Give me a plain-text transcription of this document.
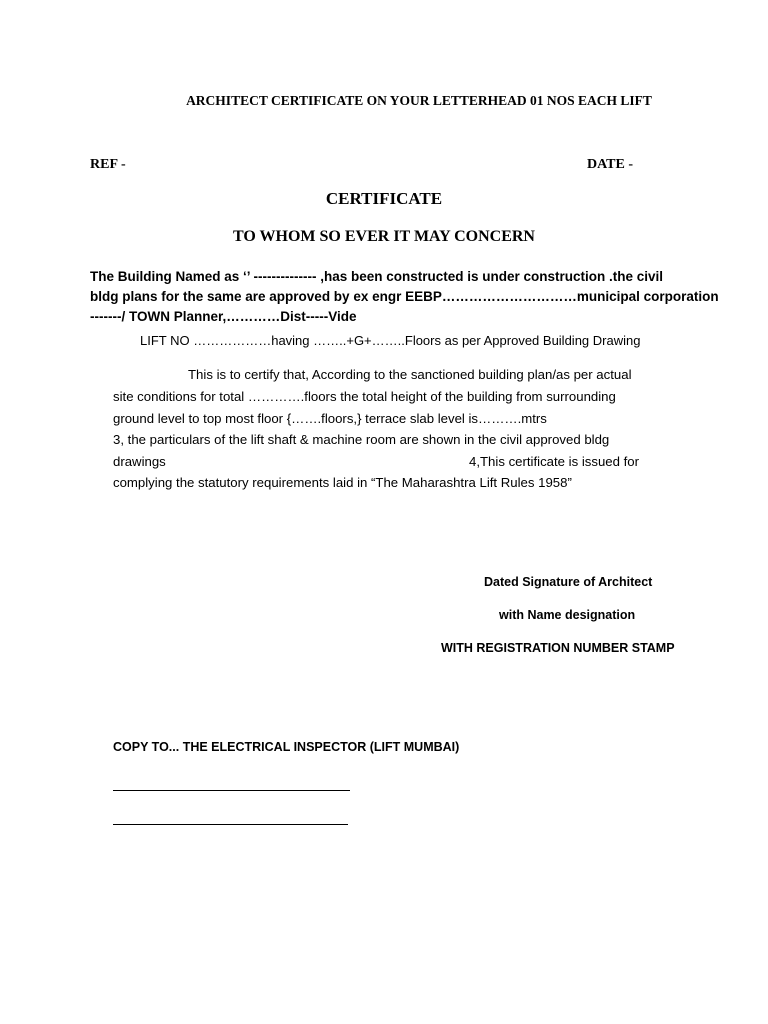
ARCHITECT CERTIFICATE ON YOUR LETTERHEAD 01 NOS EACH LIFT
REF -	DATE -
CERTIFICATE
TO WHOM SO EVER IT MAY CONCERN
The Building Named as ‘’ -------------- ,has been constructed is under construction .the civil
bldg plans for the same are approved by ex engr EEBP…………………………municipal corporation
-------/ TOWN Planner,…………Dist-----Vide
LIFT NO ………………having ……..+G+……..Floors as per Approved Building Drawing
This is to certify that, According to the sanctioned building plan/as per actual
site conditions for total ………….floors the total height of the building from surrounding
ground level to top most floor {…….floors,} terrace slab level is……….mtrs
3, the particulars of the lift shaft & machine room are shown in the civil approved bldg
drawings	4,This certificate is issued for
complying the statutory requirements laid in “The Maharashtra Lift Rules 1958”
Dated Signature of Architect
with Name designation
WITH REGISTRATION NUMBER STAMP
COPY TO... THE ELECTRICAL INSPECTOR (LIFT MUMBAI)
